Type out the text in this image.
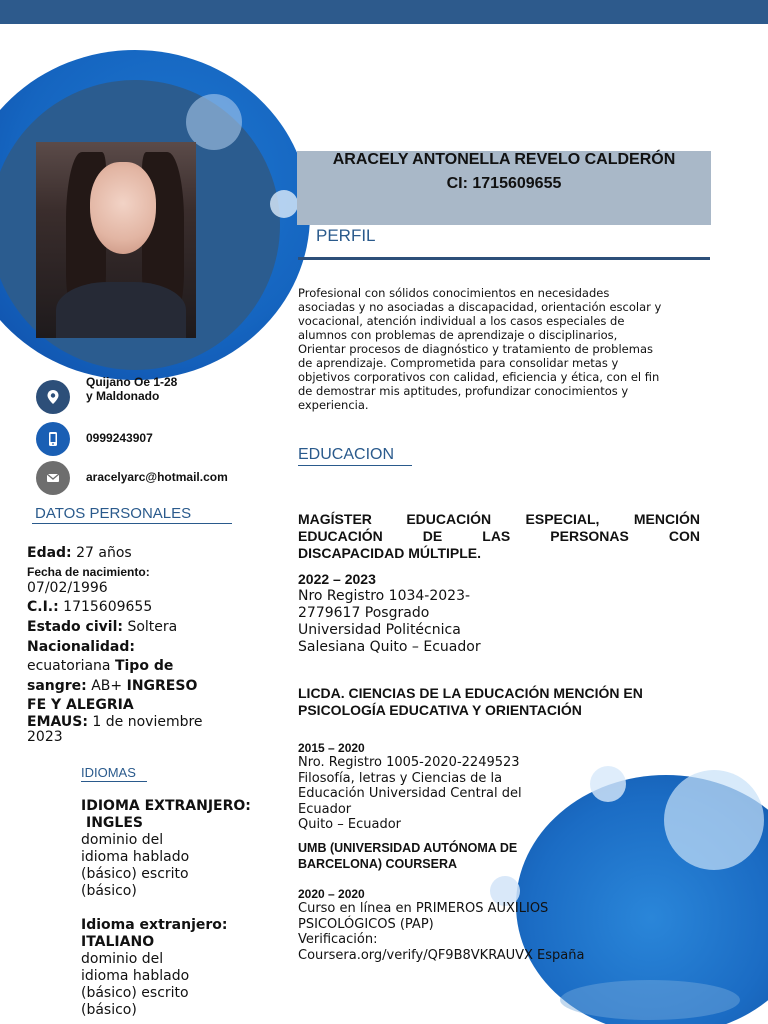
ARACELY ANTONELLA REVELO CALDERÓN
CI: 1715609655
PERFIL
Profesional con sólidos conocimientos en necesidades
asociadas y no asociadas a discapacidad, orientación escolar y
vocacional, atención individual a los casos especiales de
alumnos con problemas de aprendizaje o disciplinarios,
Orientar procesos de diagnóstico y tratamiento de problemas
de aprendizaje. Comprometida para consolidar metas y
objetivos corporativos con calidad, eficiencia y ética, con el fin
de demostrar mis aptitudes, profundizar conocimientos y
experiencia.
Quijano Oe 1-28
y Maldonado
0999243907
aracelyarc@hotmail.com
DATOS PERSONALES
Edad: 27 años
Fecha de nacimiento:
07/02/1996
C.I.: 1715609655
Estado civil: Soltera
Nacionalidad:
ecuatoriana Tipo de
sangre: AB+ INGRESO
FE Y ALEGRIA
EMAUS: 1 de noviembre
2023
IDIOMAS
IDIOMA EXTRANJERO:
INGLES
dominio del
idioma hablado
(básico) escrito
(básico)
Idioma extranjero:
ITALIANO
dominio del
idioma hablado
(básico) escrito
(básico)
EDUCACION
MAGÍSTER EDUCACIÓN ESPECIAL, MENCIÓN
EDUCACIÓN	DE	LAS	PERSONAS	CON
DISCAPACIDAD MÚLTIPLE.
2022 – 2023
Nro Registro 1034-2023-
2779617 Posgrado
Universidad Politécnica
Salesiana Quito – Ecuador
LICDA. CIENCIAS DE LA EDUCACIÓN MENCIÓN EN
PSICOLOGÍA EDUCATIVA Y ORIENTACIÓN
2015 – 2020
Nro. Registro 1005-2020-2249523
Filosofía, letras y Ciencias de la
Educación Universidad Central del
Ecuador
Quito – Ecuador
UMB (UNIVERSIDAD AUTÓNOMA DE
BARCELONA) COURSERA
2020 – 2020
Curso en línea en PRIMEROS AUXILIOS
PSICOLÓGICOS (PAP)
Verificación:
Coursera.org/verify/QF9B8VKRAUVX España
